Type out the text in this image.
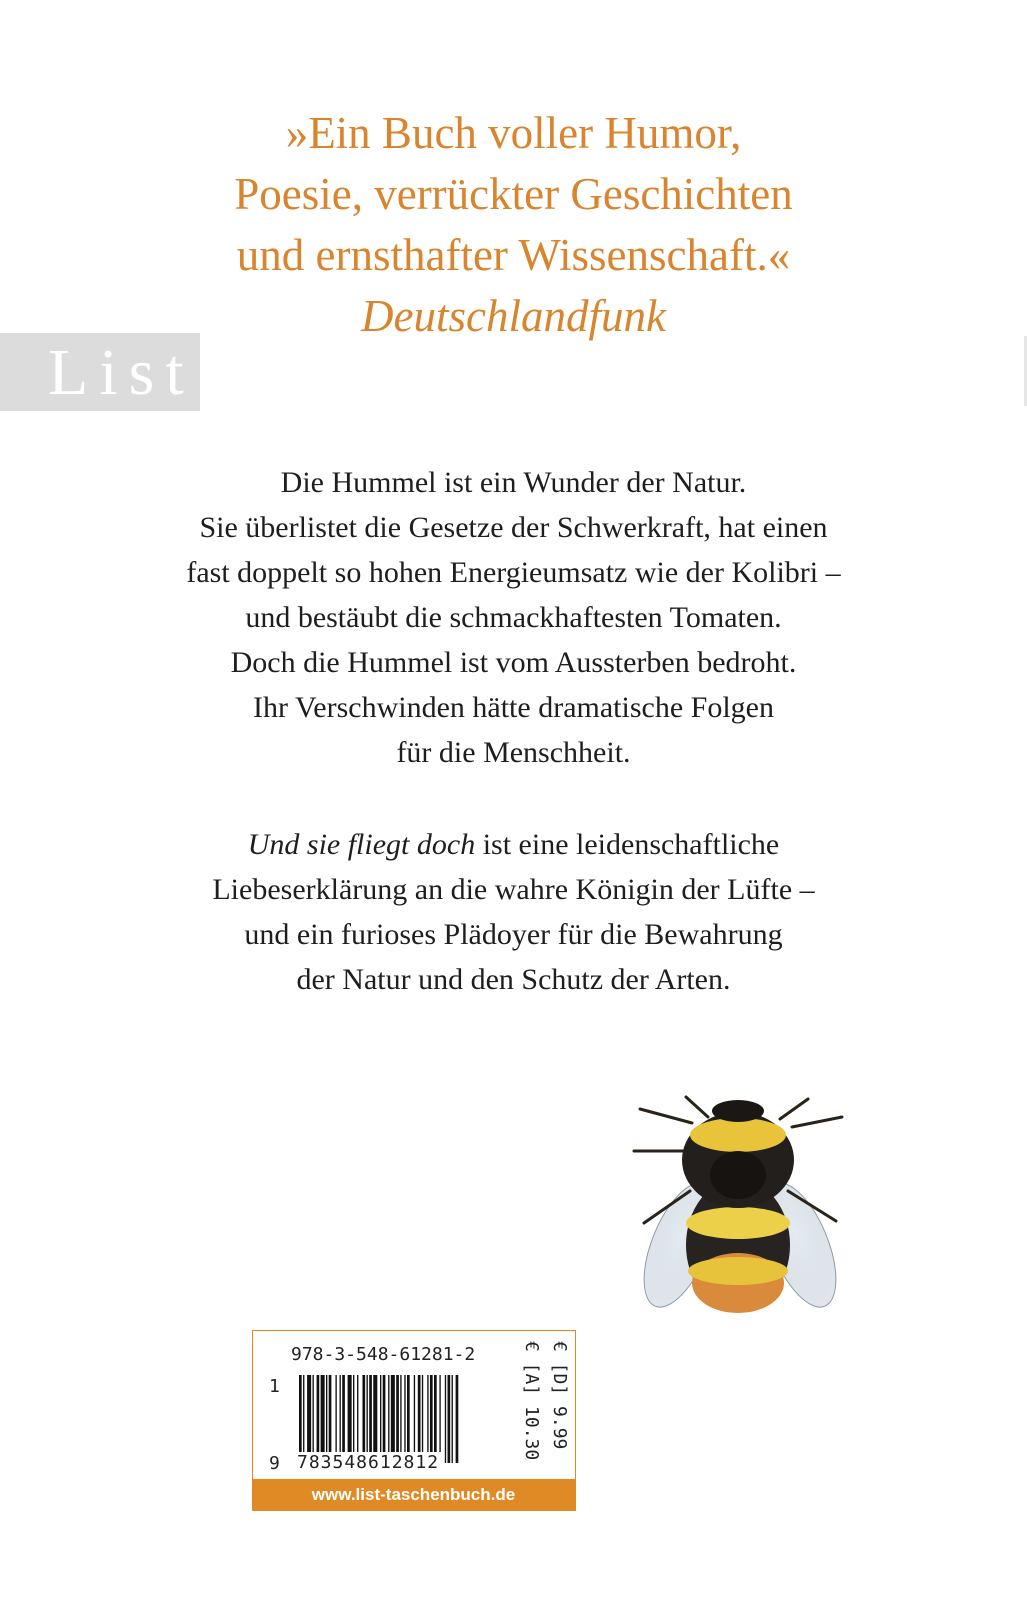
»Ein Buch voller Humor,
Poesie, verrückter Geschichten
und ernsthafter Wissenschaft.«
Deutschlandfunk
List
Die Hummel ist ein Wunder der Natur.
Sie überlistet die Gesetze der Schwerkraft, hat einen
fast doppelt so hohen Energieumsatz wie der Kolibri –
und bestäubt die schmackhaftesten Tomaten.
Doch die Hummel ist vom Aussterben bedroht.
Ihr Verschwinden hätte dramatische Folgen
für die Menschheit.
Und sie fliegt doch ist eine leidenschaftliche
Liebeserklärung an die wahre Königin der Lüfte –
und ein furioses Plädoyer für die Bewahrung
der Natur und den Schutz der Arten.
978-3-548-61281-2
1
9 783548612812
€ [A] 10.30 € [D] 9.99
www.list-taschenbuch.de
